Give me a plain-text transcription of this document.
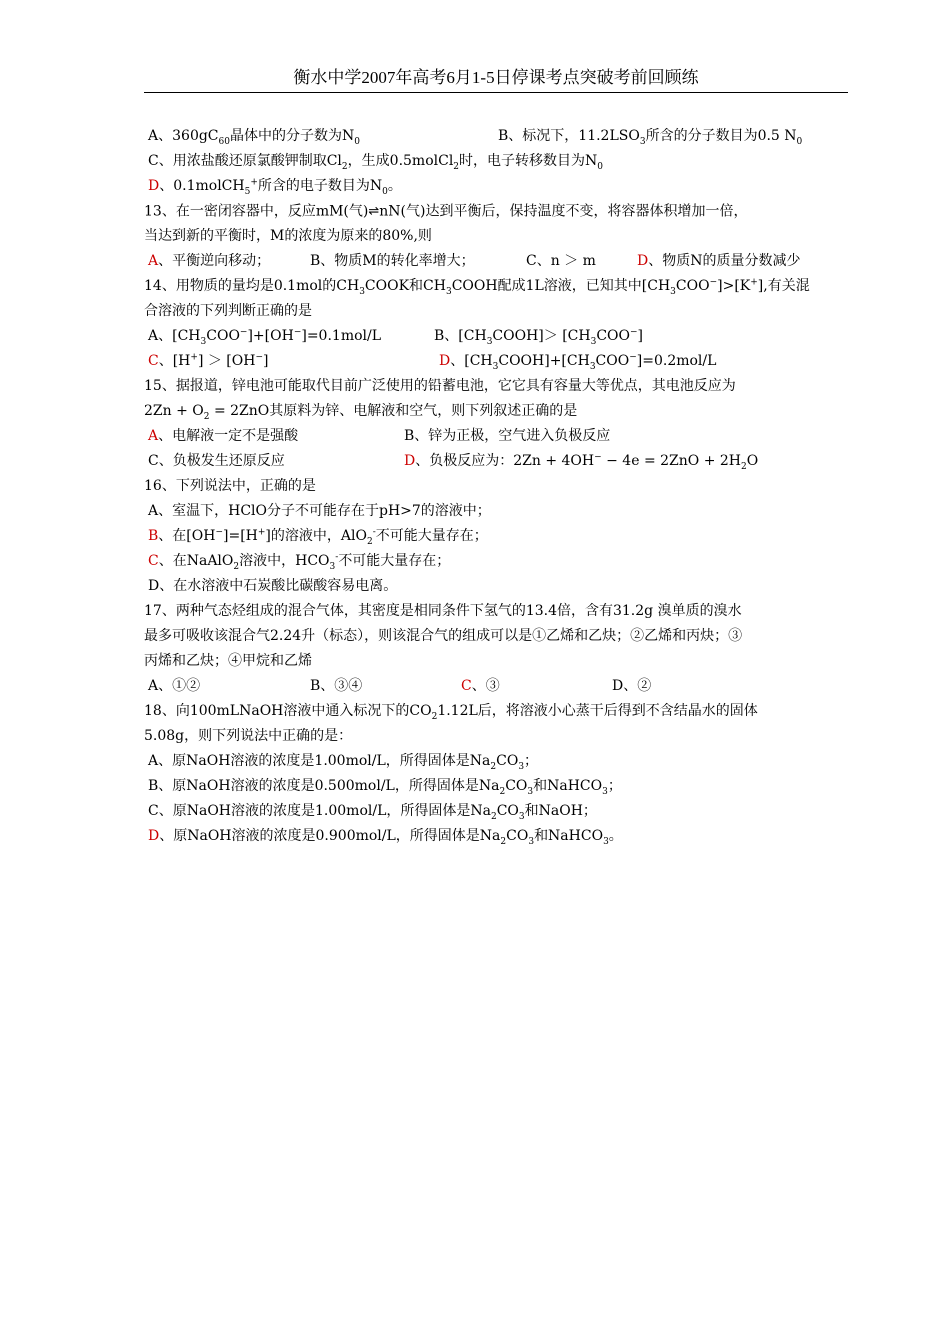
衡水中学2007年高考6月1-5日停课考点突破考前回顾练
A、$360gC_{60}$晶体中的分子数为$N_0$	B、标况下，$11.2LSO_3$所含的分子数目为0.5 $N_0$
C、用浓盐酸还原氯酸钾制取$Cl_2$，生成0.5molCl$_2$时，电子转移数目为$N_0$
D、0.1molCH$_5$+所含的电子数目为$N_0$。
13、在一密闭容器中，反应mM(气)⇌nN(气)达到平衡后，保持温度不变，将容器体积增加一倍，
当达到新的平衡时，M的浓度为原来的80%,则
A、平衡逆向移动；	B、物质M的转化率增大；	C、n ＞ m	D、物质N的质量分数减少
14、用物质的量均是0.1mol的$CH_3COOK$和$CH_3COOH$配成1L溶液，已知其中$[CH_3COO^-]>[K^+]$,有关混
合溶液的下列判断正确的是
A、$[CH_3COO^-]+[OH^-]=0.1mol/L$	B、$[CH_3COOH]> [CH_3COO^-]$
C、[H+] ＞ [OH−]	D、$[CH_3COOH]+[CH_3COO^-]=0.2mol/L$
15、据报道，锌电池可能取代目前广泛使用的铅蓄电池，它它具有容量大等优点，其电池反应为
$2Zn + O_2 = 2ZnO$其原料为锌、电解液和空气，则下列叙述正确的是
A、电解液一定不是强酸	B、锌为正极，空气进入负极反应
C、负极发生还原反应	D、负极反应为：$2Zn + 4OH^- - 4e = 2ZnO + 2H_2O$
16、下列说法中，正确的是
A、室温下，HClO分子不可能存在于pH>7的溶液中；
B、在[OH−]=[H+]的溶液中，AlO$_2$-不可能大量存在；
C、在NaAlO$_2$溶液中，$HCO_3^-$不可能大量存在；
D、在水溶液中石炭酸比碳酸容易电离。
17、两种气态烃组成的混合气体，其密度是相同条件下氢气的13.4倍，含有31.2g 溴单质的溴水
最多可吸收该混合气2.24升（标态），则该混合气的组成可以是①乙烯和乙炔；②乙烯和丙炔；③
丙烯和乙炔；④甲烷和乙烯
A、①②	B、③④	C、③	D、②
18、向100mLNaOH溶液中通入标况下的$CO_21.12L$后，将溶液小心蒸干后得到不含结晶水的固体
5.08g，则下列说法中正确的是：
A、原NaOH溶液的浓度是1.00mol/L，所得固体是$Na_2CO_3$；
B、原NaOH溶液的浓度是0.500mol/L，所得固体是$Na_2CO_3$和NaHCO$_3$；
C、原NaOH溶液的浓度是1.00mol/L，所得固体是$Na_2CO_3$和NaOH；
D、原NaOH溶液的浓度是0.900mol/L，所得固体是$Na_2CO_3$和NaHCO$_3$。
